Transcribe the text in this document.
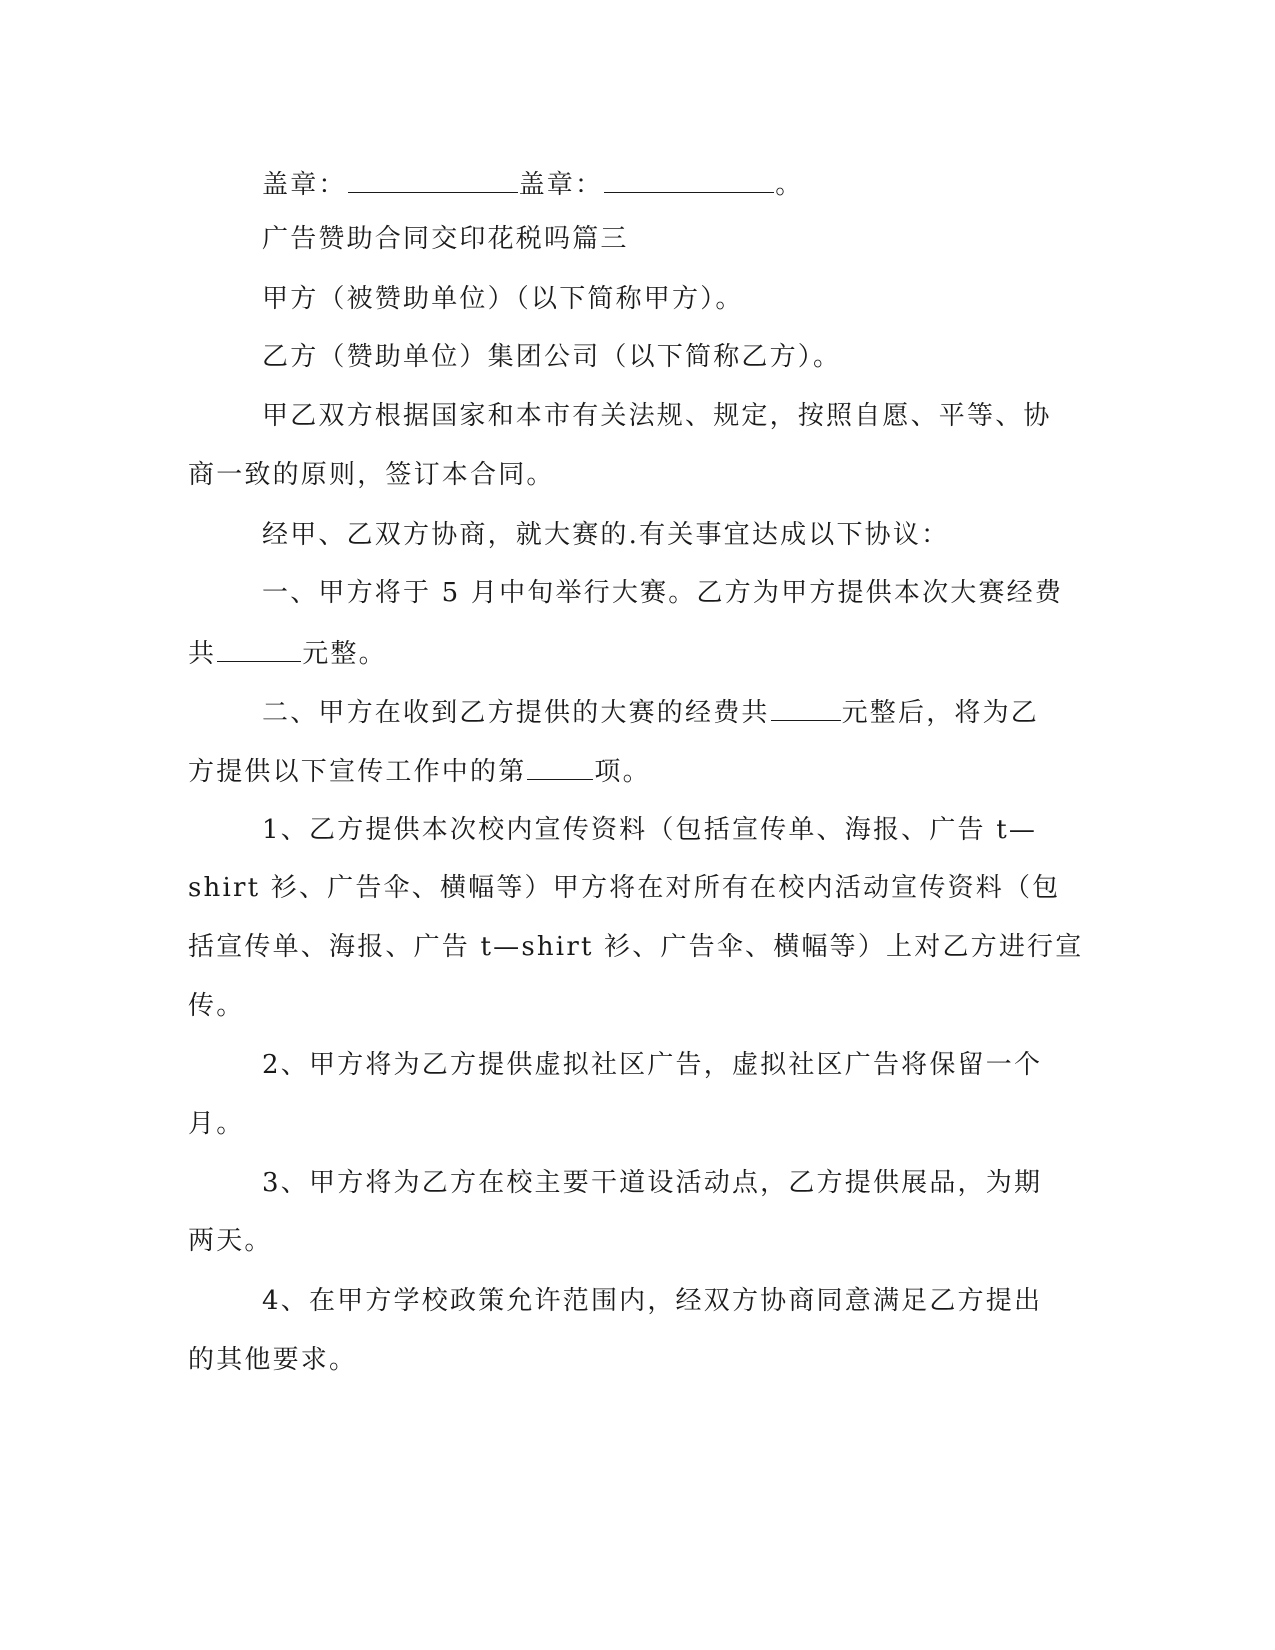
盖章：	盖章：	。
广告赞助合同交印花税吗篇三
甲方（被赞助单位）（以下简称甲方）。
乙方（赞助单位）集团公司（以下简称乙方）。
甲乙双方根据国家和本市有关法规、规定，按照自愿、平等、协
商一致的原则，签订本合同。
经甲、乙双方协商，就大赛的.有关事宜达成以下协议：
一、甲方将于 5 月中旬举行大赛。乙方为甲方提供本次大赛经费
共	元整。
二、甲方在收到乙方提供的大赛的经费共	元整后，将为乙
方提供以下宣传工作中的第	项。
1、乙方提供本次校内宣传资料（包括宣传单、海报、广告 t—
shirt 衫、广告伞、横幅等）甲方将在对所有在校内活动宣传资料（包
括宣传单、海报、广告 t—shirt 衫、广告伞、横幅等）上对乙方进行宣
传。
2、甲方将为乙方提供虚拟社区广告，虚拟社区广告将保留一个
月。
3、甲方将为乙方在校主要干道设活动点，乙方提供展品，为期
两天。
4、在甲方学校政策允许范围内，经双方协商同意满足乙方提出
的其他要求。
